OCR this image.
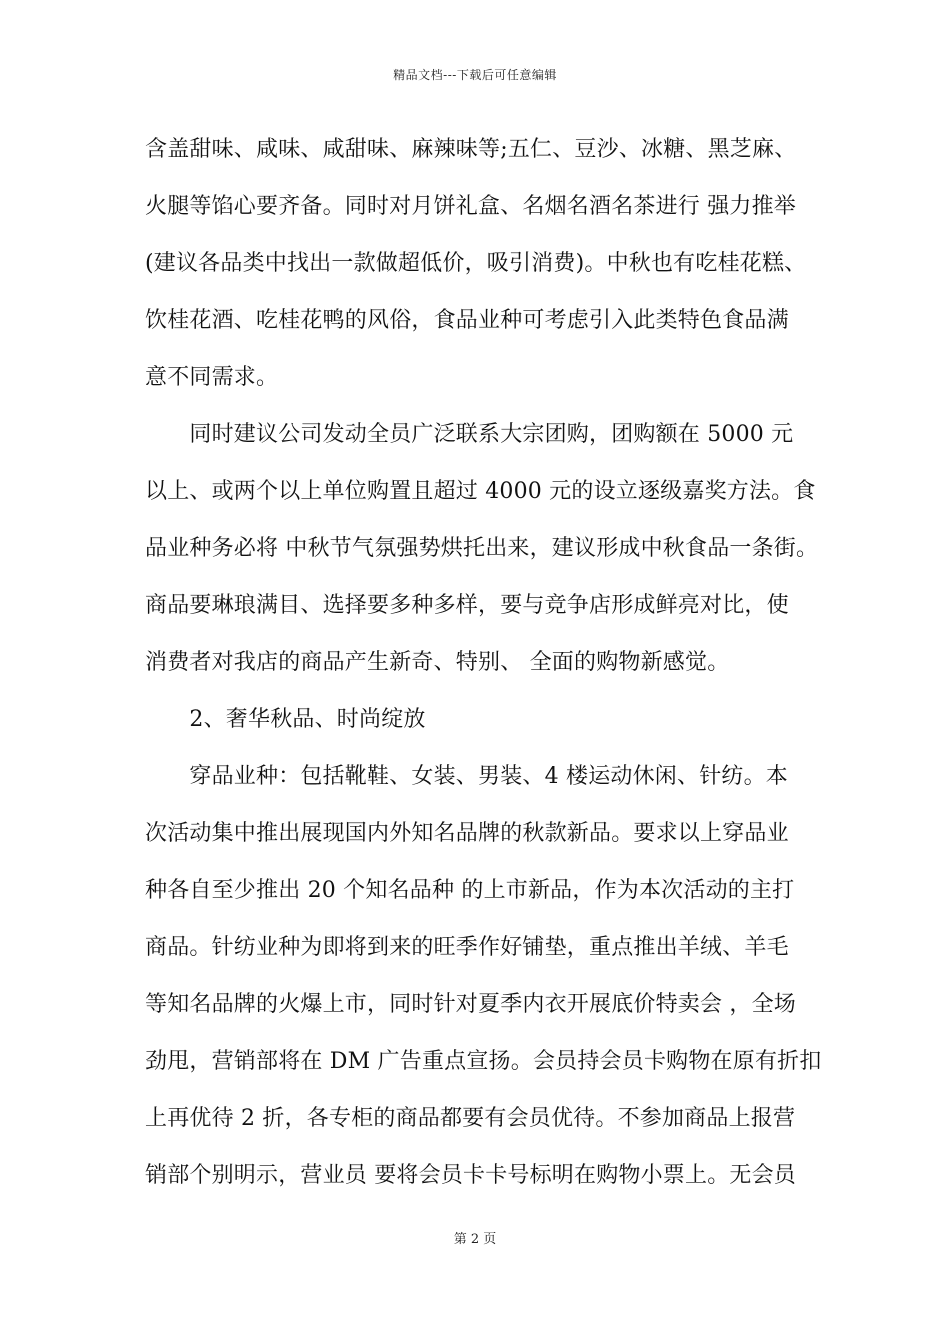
精品文档---下载后可任意编辑
含盖甜味、咸味、咸甜味、麻辣味等;五仁、豆沙、冰糖、黑芝麻、
火腿等馅心要齐备。同时对月饼礼盒、名烟名酒名茶进行 强力推举
(建议各品类中找出一款做超低价，吸引消费)。中秋也有吃桂花糕、
饮桂花酒、吃桂花鸭的风俗，食品业种可考虑引入此类特色食品满
意不同需求。
　　同时建议公司发动全员广泛联系大宗团购，团购额在 5000 元
以上、或两个以上单位购置且超过 4000 元的设立逐级嘉奖方法。食
品业种务必将 中秋节气氛强势烘托出来，建议形成中秋食品一条街。
商品要琳琅满目、选择要多种多样，要与竞争店形成鲜亮对比，使
消费者对我店的商品产生新奇、特别、 全面的购物新感觉。
　　2、奢华秋品、时尚绽放
　　穿品业种：包括靴鞋、女装、男装、4 楼运动休闲、针纺。本
次活动集中推出展现国内外知名品牌的秋款新品。要求以上穿品业
种各自至少推出 20 个知名品种 的上市新品，作为本次活动的主打
商品。针纺业种为即将到来的旺季作好铺垫，重点推出羊绒、羊毛
等知名品牌的火爆上市，同时针对夏季内衣开展底价特卖会 ，全场
劲甩，营销部将在 DM 广告重点宣扬。会员持会员卡购物在原有折扣
上再优待 2 折，各专柜的商品都要有会员优待。不参加商品上报营
销部个别明示，营业员 要将会员卡卡号标明在购物小票上。无会员
第 2 页
